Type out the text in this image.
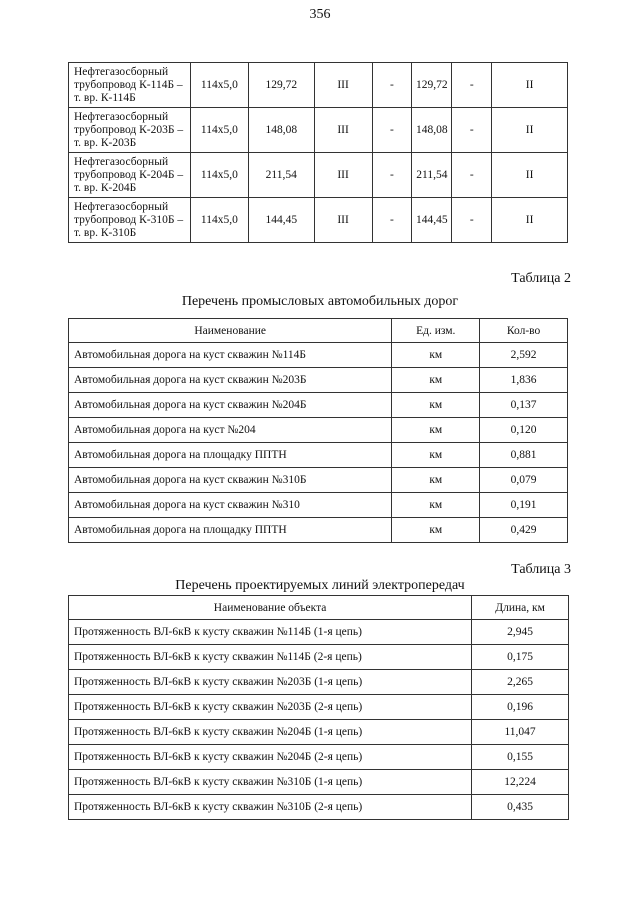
356
Нефтегазосборный трубопровод К-114Б – т. вр. К-114Б	114х5,0	129,72	III	-	129,72	-	II
Нефтегазосборный трубопровод К-203Б – т. вр. К-203Б	114х5,0	148,08	III	-	148,08	-	II
Нефтегазосборный трубопровод К-204Б – т. вр. К-204Б	114х5,0	211,54	III	-	211,54	-	II
Нефтегазосборный трубопровод К-310Б – т. вр. К-310Б	114х5,0	144,45	III	-	144,45	-	II
Таблица 2
Перечень промысловых автомобильных дорог
Наименование	Ед. изм.	Кол-во
Автомобильная дорога на куст скважин №114Б	км	2,592
Автомобильная дорога на куст скважин №203Б	км	1,836
Автомобильная дорога на куст скважин №204Б	км	0,137
Автомобильная дорога на куст №204	км	0,120
Автомобильная дорога на площадку ППТН	км	0,881
Автомобильная дорога на куст скважин №310Б	км	0,079
Автомобильная дорога на куст скважин №310	км	0,191
Автомобильная дорога на площадку ППТН	км	0,429
Таблица 3
Перечень проектируемых линий электропередач
Наименование объекта	Длина, км
Протяжeнность ВЛ-6кВ к кусту скважин №114Б (1-я цепь)	2,945
Протяженность ВЛ-6кВ к кусту скважин №114Б (2-я цепь)	0,175
Протяженность ВЛ-6кВ к кусту скважин №203Б (1-я цепь)	2,265
Протяженность ВЛ-6кВ к кусту скважин №203Б (2-я цепь)	0,196
Протяженность ВЛ-6кВ к кусту скважин №204Б (1-я цепь)	11,047
Протяженность ВЛ-6кВ к кусту скважин №204Б (2-я цепь)	0,155
Протяженность ВЛ-6кВ к кусту скважин №310Б (1-я цепь)	12,224
Протяженность ВЛ-6кВ к кусту скважин №310Б (2-я цепь)	0,435
